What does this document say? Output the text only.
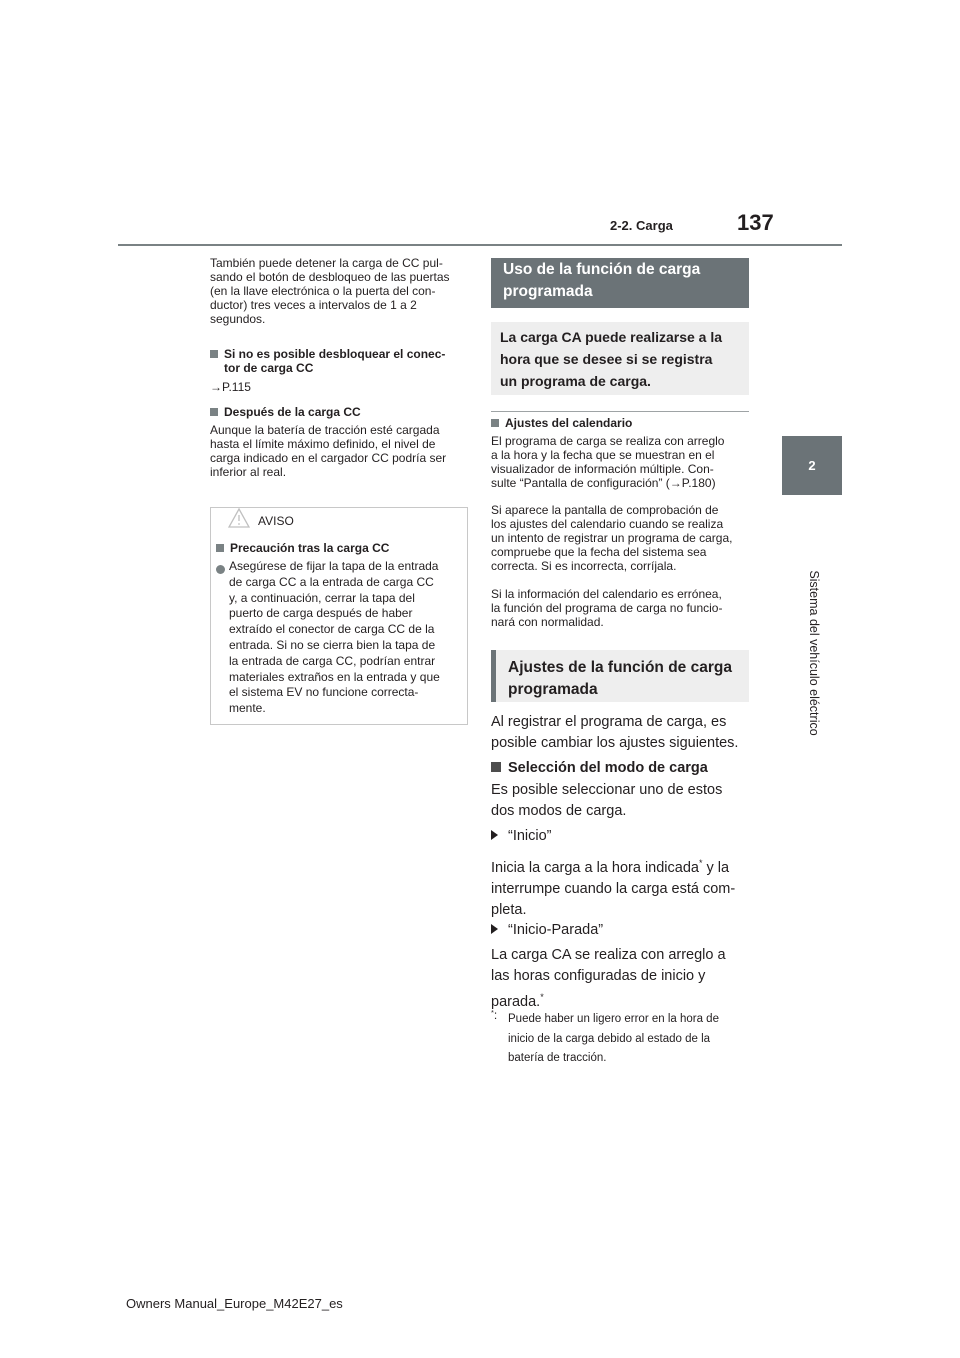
2-2. Carga	137
2
Sistema del vehículo eléctrico

También puede detener la carga de CC pul-

sando el botón de desbloqueo de las puertas

(en la llave electrónica o la puerta del con-

ductor) tres veces a intervalos de 1 a 2

segundos.

Si no es posible desbloquear el conec-

tor de carga CC

→P.115

Después de la carga CC

Aunque la batería de tracción esté cargada

hasta el límite máximo definido, el nivel de

carga indicado en el cargador CC podría ser

inferior al real.

AVISO

Precaución tras la carga CC

Asegúrese de fijar la tapa de la entrada

de carga CC a la entrada de carga CC

y, a continuación, cerrar la tapa del

puerto de carga después de haber

extraído el conector de carga CC de la

entrada. Si no se cierra bien la tapa de

la entrada de carga CC, podrían entrar

materiales extraños en la entrada y que

el sistema EV no funcione correcta-

mente.

Uso de la función de carga
programada
La carga CA puede realizarse a la
hora que se desee si se registra
un programa de carga.

Ajustes del calendario

El programa de carga se realiza con arreglo

a la hora y la fecha que se muestran en el

visualizador de información múltiple. Con-

sulte “Pantalla de configuración” (→P.180)

Si aparece la pantalla de comprobación de

los ajustes del calendario cuando se realiza

un intento de registrar un programa de carga,

compruebe que la fecha del sistema sea

correcta. Si es incorrecta, corríjala.

Si la información del calendario es errónea,

la función del programa de carga no funcio-

nará con normalidad.

Ajustes de la función de carga
programada
Al registrar el programa de carga, es
posible cambiar los ajustes siguientes.
Selección del modo de carga
Es posible seleccionar uno de estos
dos modos de carga.
“Inicio”
Inicia la carga a la hora indicada* y la
interrumpe cuando la carga está com-
pleta.
“Inicio-Parada”
La carga CA se realiza con arreglo a
las horas configuradas de inicio y
parada.*
*: Puede haber un ligero error en la hora de
inicio de la carga debido al estado de la
batería de tracción.
Owners Manual_Europe_M42E27_es
